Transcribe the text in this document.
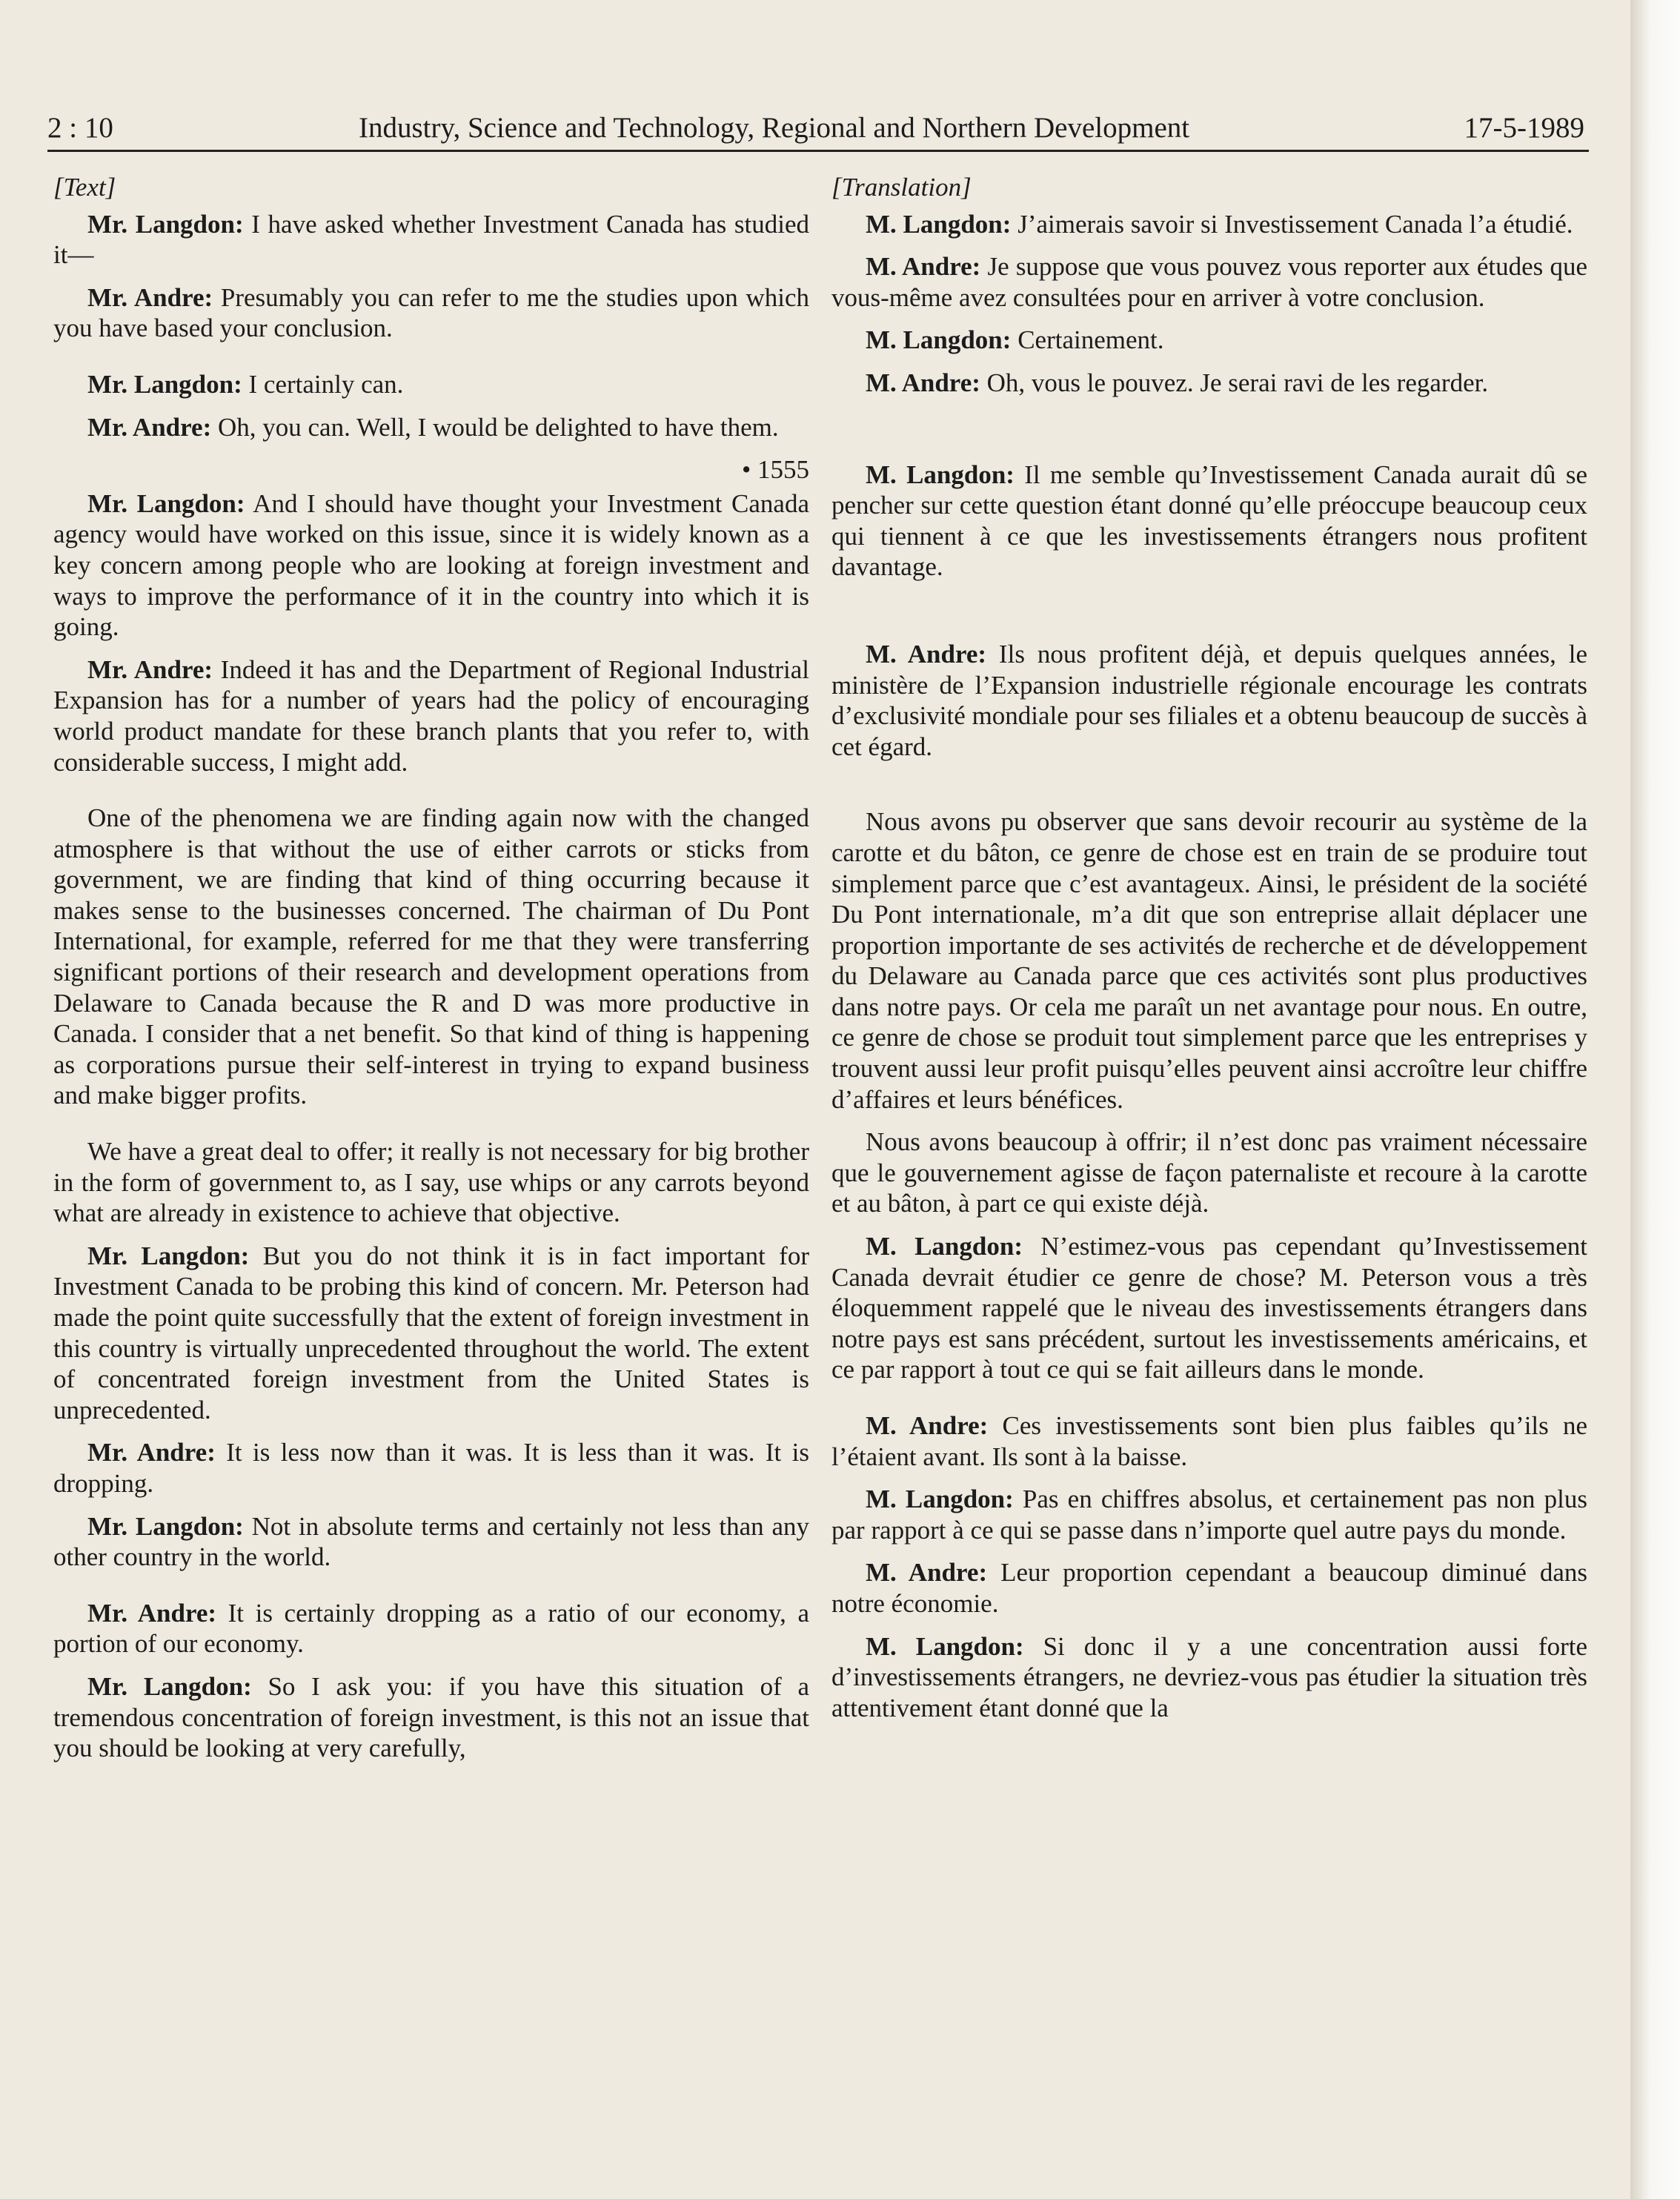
2 : 10	Industry, Science and Technology, Regional and Northern Development	17-5-1989

[Text]

Mr. Langdon: I have asked whether Investment Canada has studied it—

Mr. Andre: Presumably you can refer to me the studies upon which you have based your conclusion.

Mr. Langdon: I certainly can.

Mr. Andre: Oh, you can. Well, I would be delighted to have them.

• 1555

Mr. Langdon: And I should have thought your Investment Canada agency would have worked on this issue, since it is widely known as a key concern among people who are looking at foreign investment and ways to improve the performance of it in the country into which it is going.

Mr. Andre: Indeed it has and the Department of Regional Industrial Expansion has for a number of years had the policy of encouraging world product mandate for these branch plants that you refer to, with considerable success, I might add.

One of the phenomena we are finding again now with the changed atmosphere is that without the use of either carrots or sticks from government, we are finding that kind of thing occurring because it makes sense to the businesses concerned. The chairman of Du Pont International, for example, referred for me that they were transferring significant portions of their research and development operations from Delaware to Canada because the R and D was more productive in Canada. I consider that a net benefit. So that kind of thing is happening as corporations pursue their self-interest in trying to expand business and make bigger profits.

We have a great deal to offer; it really is not necessary for big brother in the form of government to, as I say, use whips or any carrots beyond what are already in existence to achieve that objective.

Mr. Langdon: But you do not think it is in fact important for Investment Canada to be probing this kind of concern. Mr. Peterson had made the point quite successfully that the extent of foreign investment in this country is virtually unprecedented throughout the world. The extent of concentrated foreign investment from the United States is unprecedented.

Mr. Andre: It is less now than it was. It is less than it was. It is dropping.

Mr. Langdon: Not in absolute terms and certainly not less than any other country in the world.

Mr. Andre: It is certainly dropping as a ratio of our economy, a portion of our economy.

Mr. Langdon: So I ask you: if you have this situation of a tremendous concentration of foreign investment, is this not an issue that you should be looking at very carefully,

[Translation]

M. Langdon: J’aimerais savoir si Investissement Canada l’a étudié.

M. Andre: Je suppose que vous pouvez vous reporter aux études que vous-même avez consultées pour en arriver à votre conclusion.

M. Langdon: Certainement.

M. Andre: Oh, vous le pouvez. Je serai ravi de les regarder.

M. Langdon: Il me semble qu’Investissement Canada aurait dû se pencher sur cette question étant donné qu’elle préoccupe beaucoup ceux qui tiennent à ce que les investissements étrangers nous profitent davantage.

M. Andre: Ils nous profitent déjà, et depuis quelques années, le ministère de l’Expansion industrielle régionale encourage les contrats d’exclusivité mondiale pour ses filiales et a obtenu beaucoup de succès à cet égard.

Nous avons pu observer que sans devoir recourir au système de la carotte et du bâton, ce genre de chose est en train de se produire tout simplement parce que c’est avantageux. Ainsi, le président de la société Du Pont internationale, m’a dit que son entreprise allait déplacer une proportion importante de ses activités de recherche et de développement du Delaware au Canada parce que ces activités sont plus productives dans notre pays. Or cela me paraît un net avantage pour nous. En outre, ce genre de chose se produit tout simplement parce que les entreprises y trouvent aussi leur profit puisqu’elles peuvent ainsi accroître leur chiffre d’affaires et leurs bénéfices.

Nous avons beaucoup à offrir; il n’est donc pas vraiment nécessaire que le gouvernement agisse de façon paternaliste et recoure à la carotte et au bâton, à part ce qui existe déjà.

M. Langdon: N’estimez-vous pas cependant qu’Investissement Canada devrait étudier ce genre de chose? M. Peterson vous a très éloquemment rappelé que le niveau des investissements étrangers dans notre pays est sans précédent, surtout les investissements américains, et ce par rapport à tout ce qui se fait ailleurs dans le monde.

M. Andre: Ces investissements sont bien plus faibles qu’ils ne l’étaient avant. Ils sont à la baisse.

M. Langdon: Pas en chiffres absolus, et certainement pas non plus par rapport à ce qui se passe dans n’importe quel autre pays du monde.

M. Andre: Leur proportion cependant a beaucoup diminué dans notre économie.

M. Langdon: Si donc il y a une concentration aussi forte d’investissements étrangers, ne devriez-vous pas étudier la situation très attentivement étant donné que la
